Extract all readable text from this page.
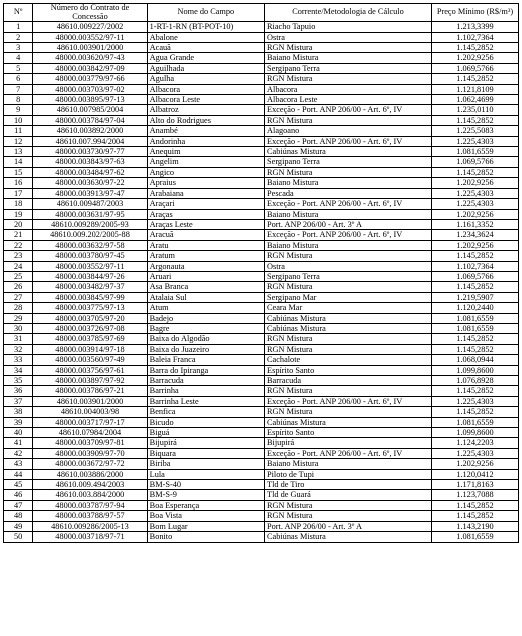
Nº	Número do Contrato de Concessão	Nome do Campo	Corrente/Metodologia de Cálculo	Preço Mínimo (R$/m³)
1	48610.009227/2002	1-RT-1-RN (BT-POT-10)	Riacho Tapuio	1.213,3399
2	48000.003552/97-11	Abalone	Ostra	1.102,7364
3	48610.003901/2000	Acauã	RGN Mistura	1.145,2852
4	48000.003620/97-43	Agua Grande	Baiano Mistura	1.202,9256
5	48000.003842/97-09	Aguilhada	Sergipano Terra	1.069,5766
6	48000.003779/97-66	Agulha	RGN Mistura	1.145,2852
7	48000.003703/97-02	Albacora	Albacora	1.121,8109
8	48000.003895/97-13	Albacora Leste	Albacora Leste	1.062,4699
9	48610.007985/2004	Albatroz	Exceção - Port. ANP 206/00 - Art. 6º, IV	1.235,0110
10	48000.003784/97-04	Alto do Rodrigues	RGN Mistura	1.145,2852
11	48610.003892/2000	Anambé	Alagoano	1.225,5083
12	48610.007.994/2004	Andorinha	Exceção - Port. ANP 206/00 - Art. 6º, IV	1.225,4303
13	48000.003730/97-77	Anequim	Cabiúnas Mistura	1.081,6559
14	48000.003843/97-63	Angelim	Sergipano Terra	1.069,5766
15	48000.003484/97-62	Angico	RGN Mistura	1.145,2852
16	48000.003630/97-22	Apraius	Baiano Mistura	1.202,9256
17	48000.003913/97-47	Arabaiana	Pescada	1.225,4303
18	48610.009487/2003	Araçari	Exceção - Port. ANP 206/00 - Art. 6º, IV	1.225,4303
19	48000.003631/97-95	Araças	Baiano Mistura	1.202,9256
20	48610.009289/2005-93	Araças Leste	Port. ANP 206/00 - Art. 3º A	1.161,3352
21	48610.009.202/2005-88	Aracuã	Exceção - Port. ANP 206/00 - Art. 6º, IV	1.234,3624
22	48000.003632/97-58	Aratu	Baiano Mistura	1.202,9256
23	48000.003780/97-45	Aratum	RGN Mistura	1.145,2852
24	48000.003552/97-11	Argonauta	Ostra	1.102,7364
25	48000.003844/97-26	Aruari	Sergipano Terra	1.069,5766
26	48000.003482/97-37	Asa Branca	RGN Mistura	1.145,2852
27	48000.003845/97-99	Atalaia Sul	Sergipano Mar	1.219,5907
28	48000.003775/97-13	Atum	Ceara Mar	1.120,2440
29	48000.003705/97-20	Badejo	Cabiúnas Mistura	1.081,6559
30	48000.003726/97-08	Bagre	Cabiúnas Mistura	1.081,6559
31	48000.003785/97-69	Baixa do Algodão	RGN Mistura	1.145,2852
32	48000.003914/97-18	Baixa do Juazeiro	RGN Mistura	1.145,2852
33	48000.003560/97-49	Baleia Franca	Cachalote	1.068,0944
34	48000.003756/97-61	Barra do Ipiranga	Espírito Santo	1.099,8600
35	48000.003897/97-92	Barracuda	Barracuda	1.076,8928
36	48000.003786/97-21	Barrinha	RGN Mistura	1.145,2852
37	48610.003901/2000	Barrinha Leste	Exceção - Port. ANP 206/00 - Art. 6º, IV	1.225,4303
38	48610.004003/98	Benfica	RGN Mistura	1.145,2852
39	48000.003717/97-17	Bicudo	Cabiúnas Mistura	1.081,6559
40	48610.07984/2004	Biguá	Espírito Santo	1.099,8600
41	48000.003709/97-81	Bijupirá	Bijupirá	1.124,2203
42	48000.003909/97-70	Biquara	Exceção - Port. ANP 206/00 - Art. 6º, IV	1.225,4303
43	48000.003672/97-72	Biriba	Baiano Mistura	1.202,9256
44	48610.003886/2000	Lula	Piloto de Tupi	1.120,0412
45	48610.009.494/2003	BM-S-40	Tld de Tiro	1.171,8163
46	48610.003.884/2000	BM-S-9	Tld de Guará	1.123,7088
47	48000.003787/97-94	Boa Esperança	RGN Mistura	1.145,2852
48	48000.003788/97-57	Boa Vista	RGN Mistura	1.145,2852
49	48610.009286/2005-13	Bom Lugar	Port. ANP 206/00 - Art. 3º A	1.143,2190
50	48000.003718/97-71	Bonito	Cabiúnas Mistura	1.081,6559
